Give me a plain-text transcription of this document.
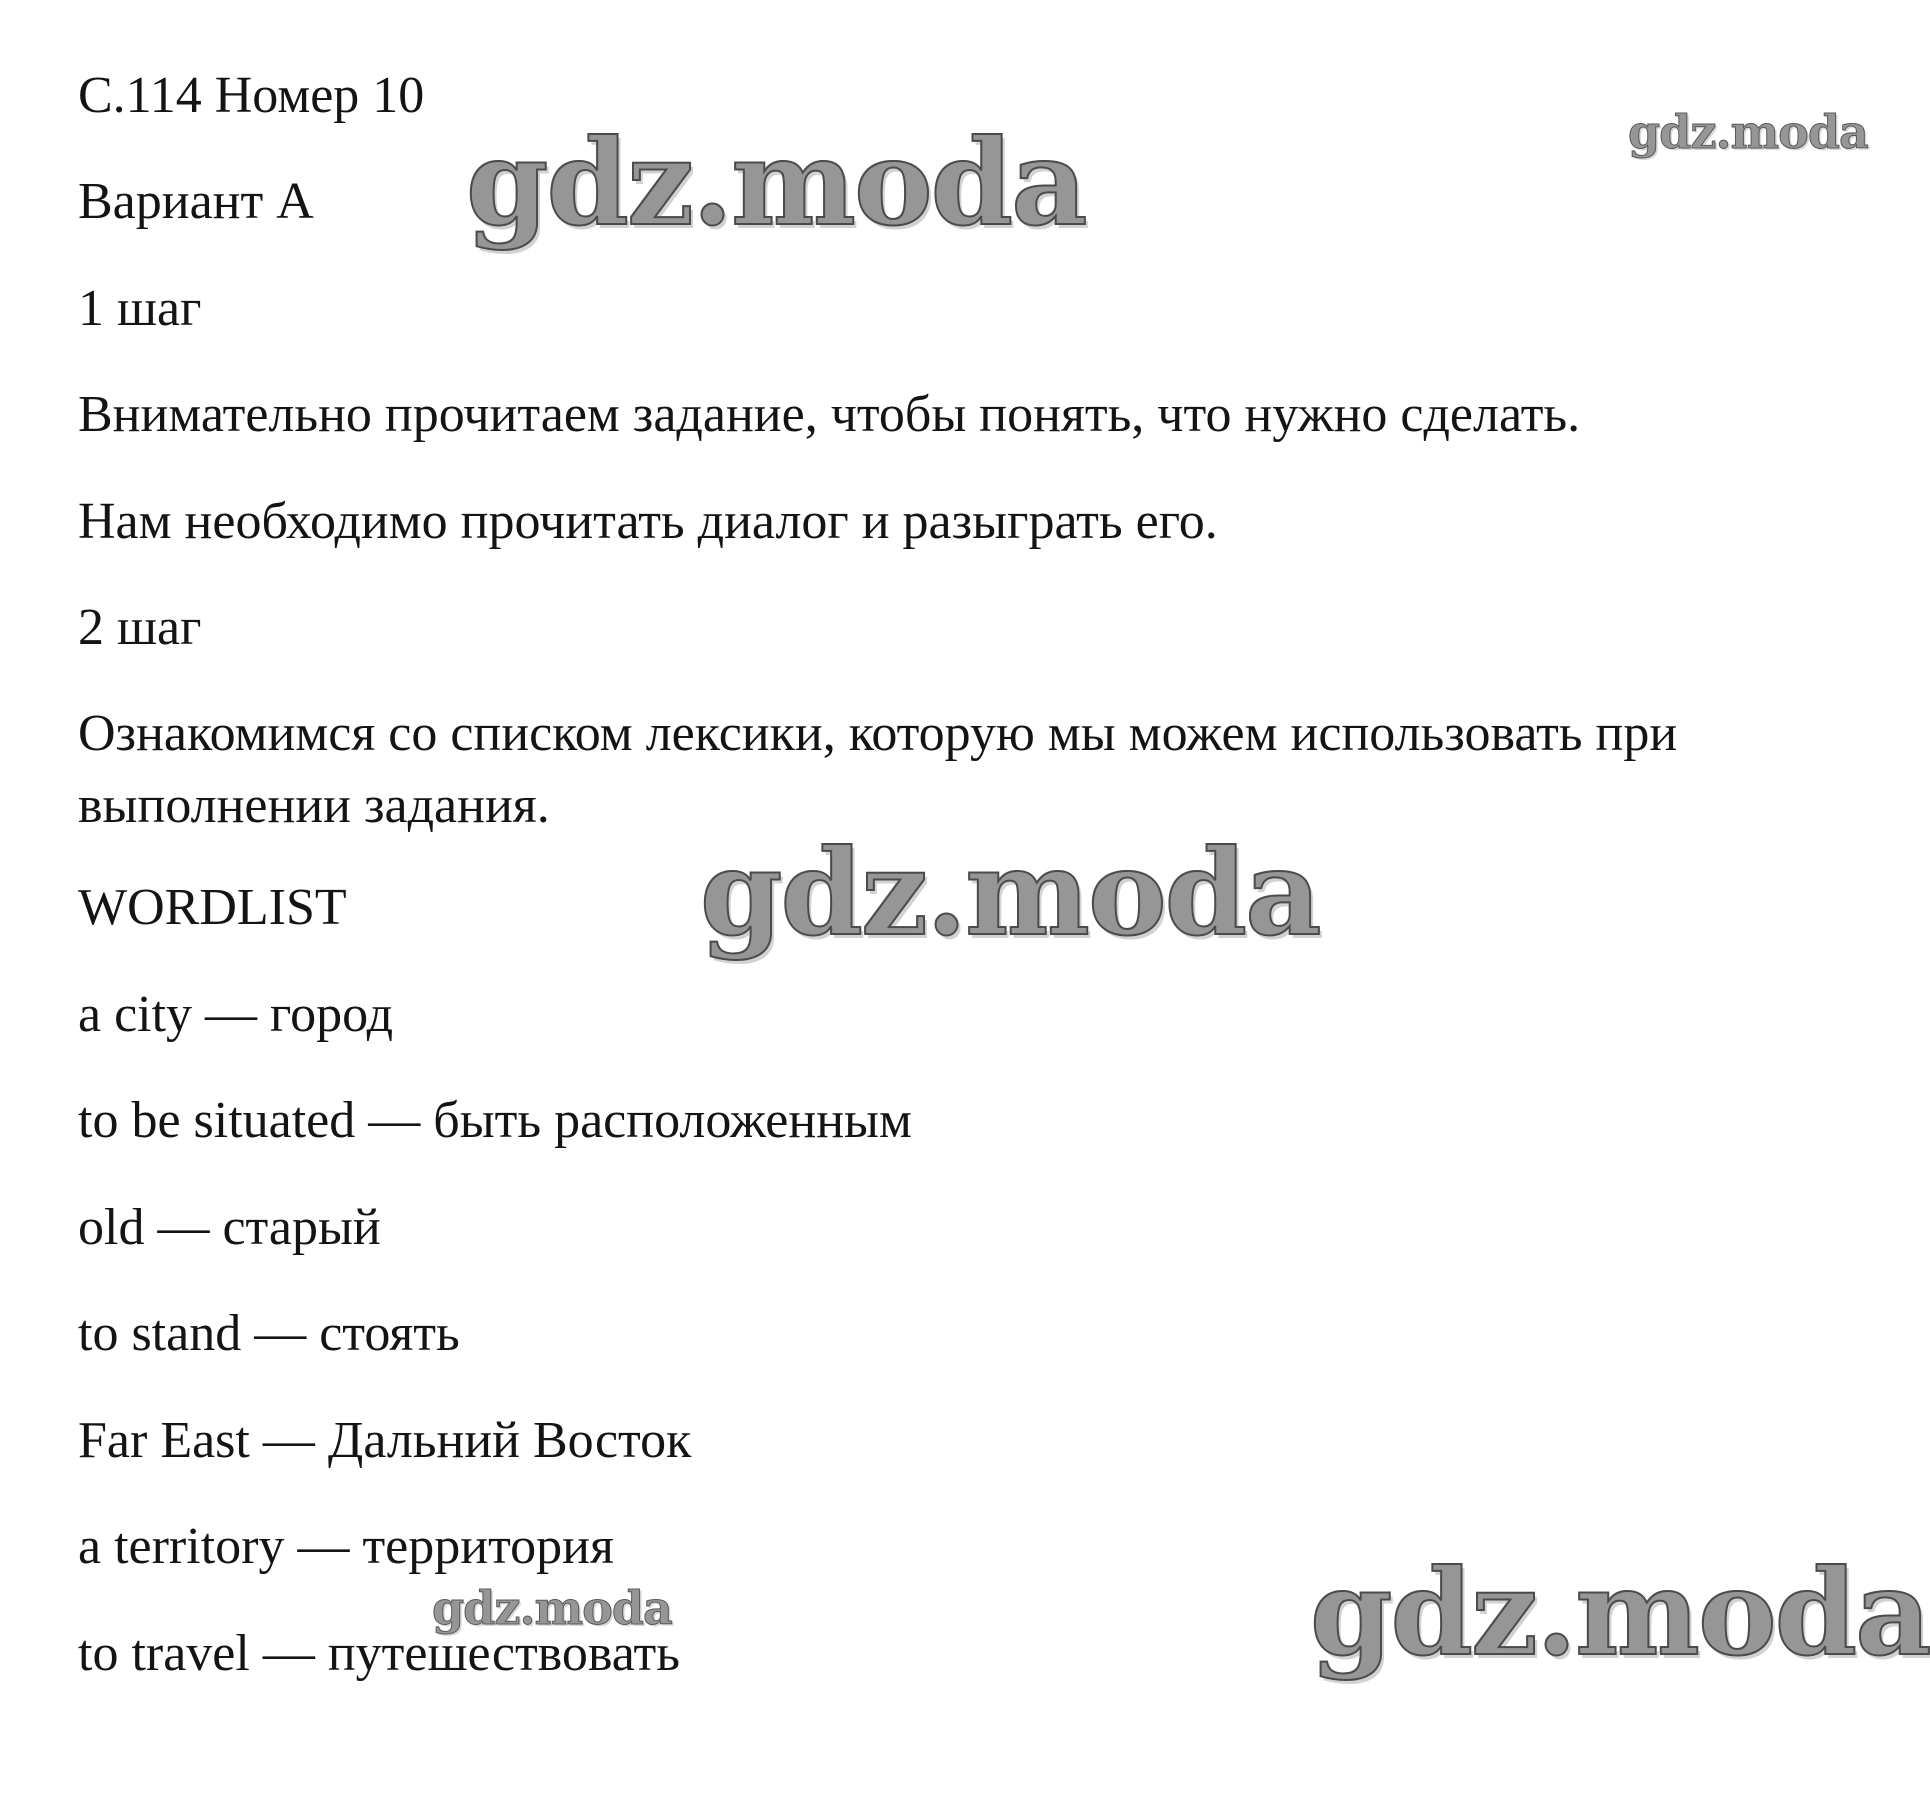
С.114 Номер 10

Вариант А

1 шаг

Внимательно прочитаем задание, чтобы понять, что нужно сделать.

Нам необходимо прочитать диалог и разыграть его.

2 шаг

Ознакомимся со списком лексики, которую мы можем использовать при
выполнении задания.

WORDLIST

a city — город

to be situated — быть расположенным

old — старый

to stand — стоять

Far East — Дальний Восток

a territory — территория

to travel — путешествовать

gdz.moda	gdz.moda
gdz.moda
gdz.moda	gdz.moda
